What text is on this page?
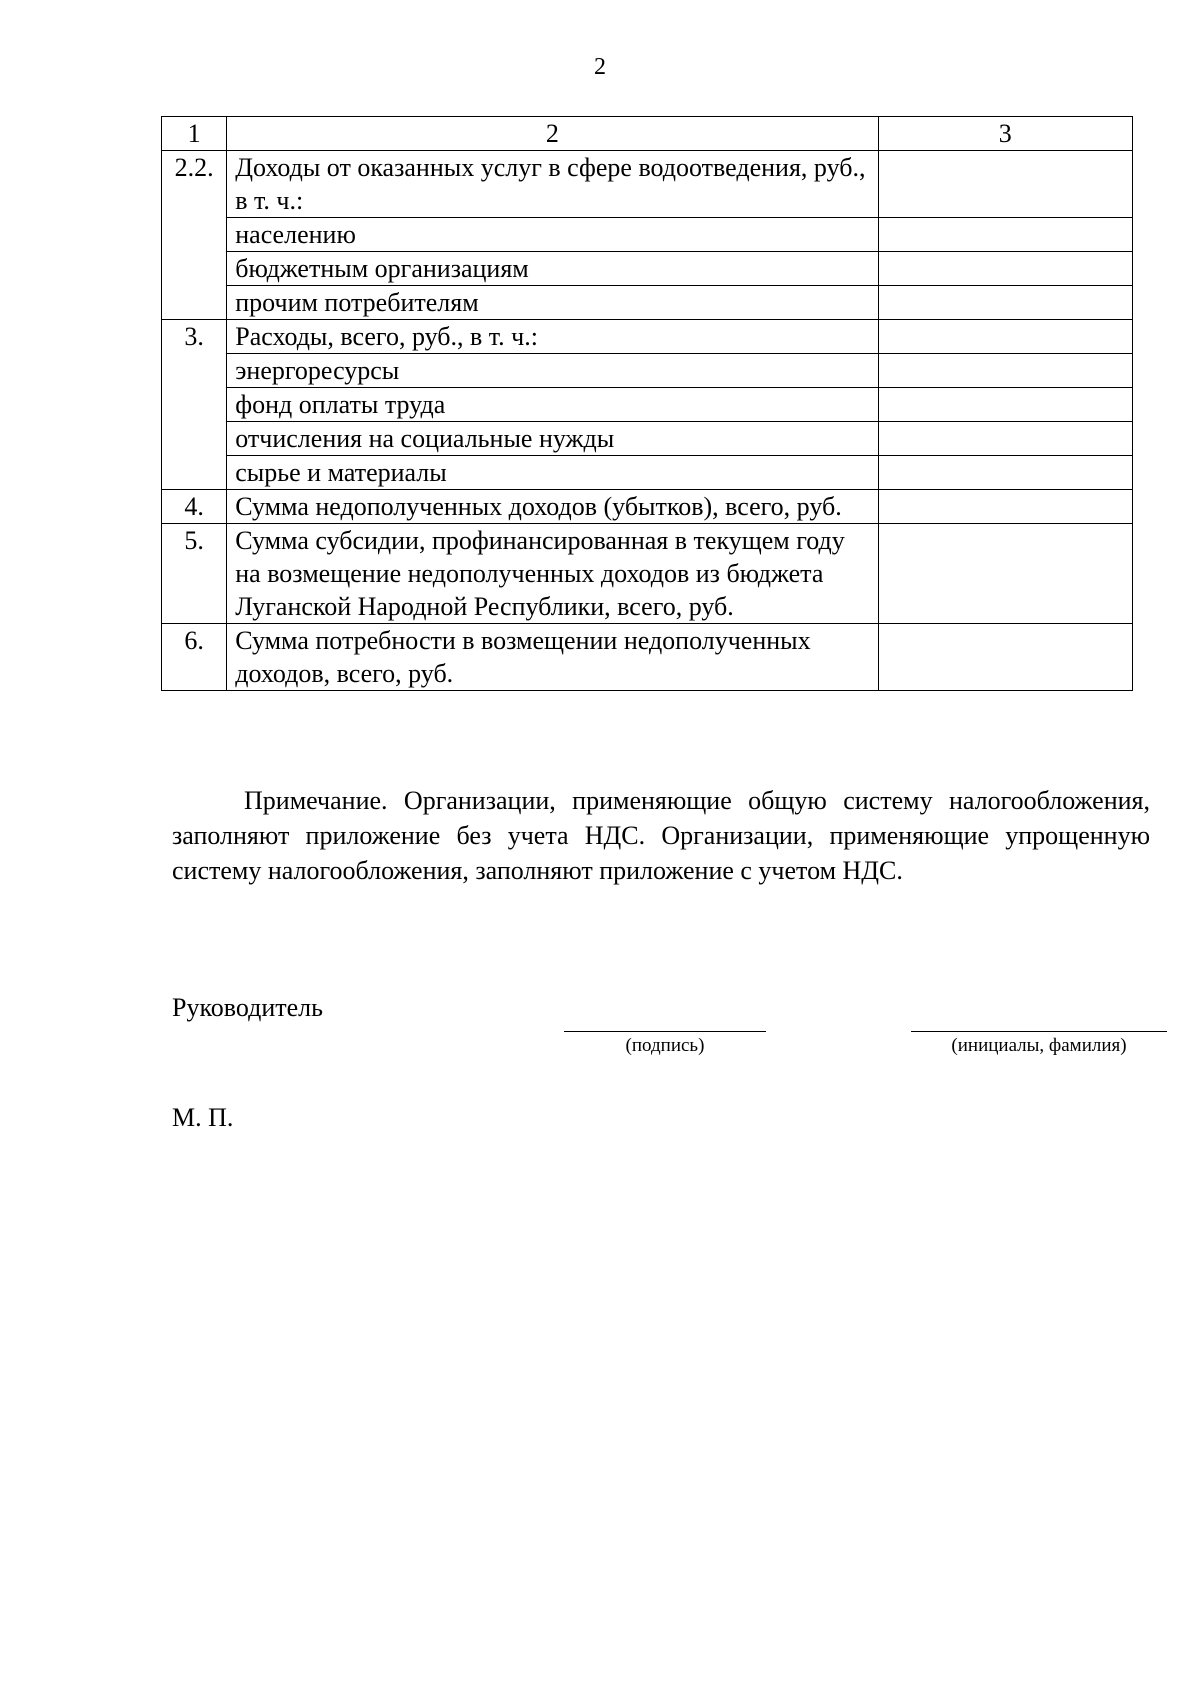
2
1	2	3
2.2.	Доходы от оказанных услуг в сфере водоотведения, руб., в т. ч.:	
	населению	
	бюджетным организациям	
	прочим потребителям	
3.	Расходы, всего, руб., в т. ч.:	
	энергоресурсы	
	фонд оплаты труда	
	отчисления на социальные нужды	
	сырье и материалы	
4.	Сумма недополученных доходов (убытков), всего, руб.	
5.	Сумма субсидии, профинансированная в текущем году на возмещение недополученных доходов из бюджета Луганской Народной Республики, всего, руб.	
6.	Сумма потребности в возмещении недополученных доходов, всего, руб.	
Примечание. Организации, применяющие общую систему налогообложения, заполняют приложение без учета НДС. Организации, применяющие упрощенную систему налогообложения, заполняют приложение с учетом НДС.
Руководитель
(подпись)	(инициалы, фамилия)
М. П.
